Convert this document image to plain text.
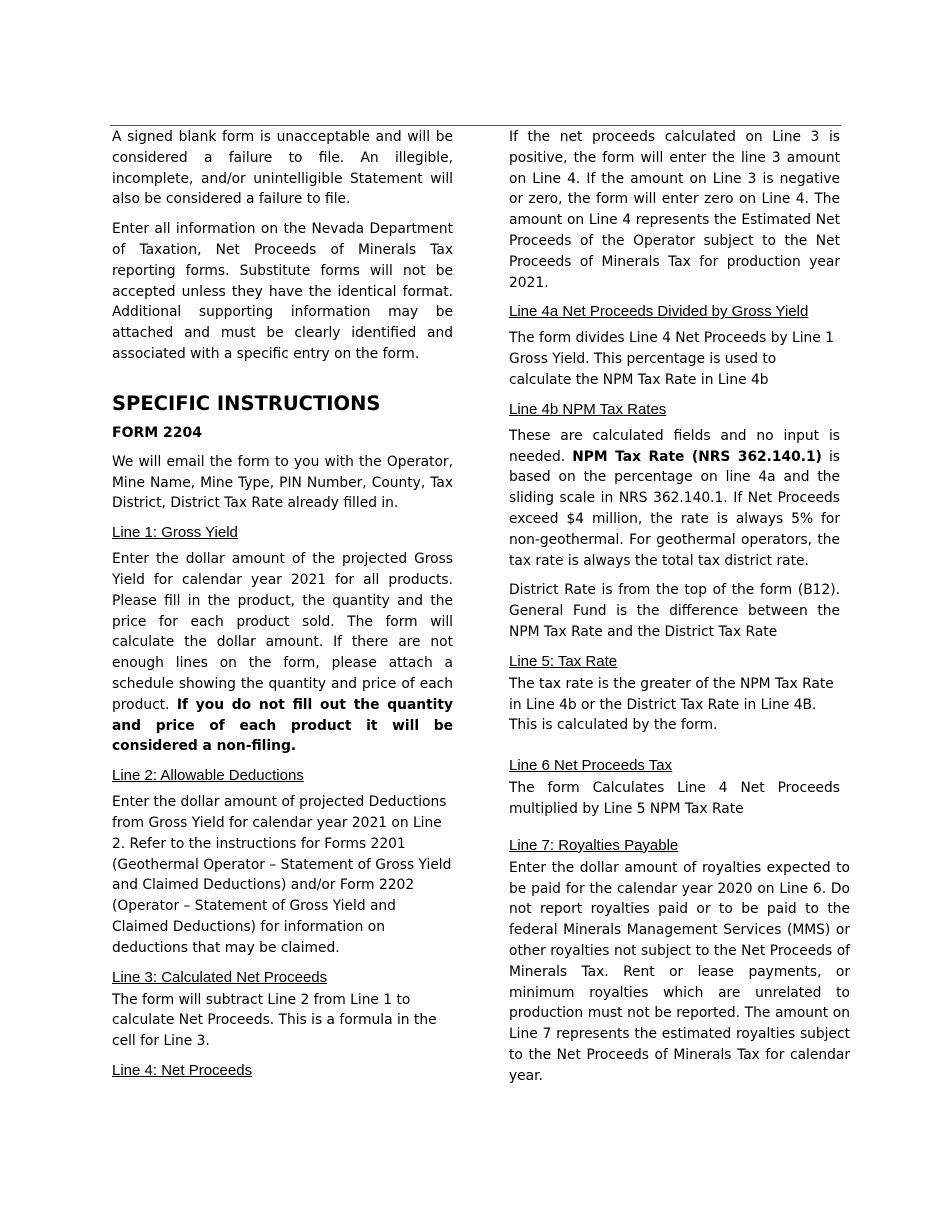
A signed blank form is unacceptable and will be considered a failure to file. An illegible, incomplete, and/or unintelligible Statement will also be considered a failure to file.

Enter all information on the Nevada Department of Taxation, Net Proceeds of Minerals Tax reporting forms. Substitute forms will not be accepted unless they have the identical format. Additional supporting information may be attached and must be clearly identified and associated with a specific entry on the form.

SPECIFIC INSTRUCTIONS
FORM 2204

We will email the form to you with the Operator, Mine Name, Mine Type, PIN Number, County, Tax District, District Tax Rate already filled in.

Line 1: Gross Yield

Enter the dollar amount of the projected Gross Yield for calendar year 2021 for all products. Please fill in the product, the quantity and the price for each product sold. The form will calculate the dollar amount. If there are not enough lines on the form, please attach a schedule showing the quantity and price of each product. If you do not fill out the quantity and price of each product it will be considered a non-filing.

Line 2: Allowable Deductions

Enter the dollar amount of projected Deductions from Gross Yield for calendar year 2021 on Line 2. Refer to the instructions for Forms 2201 (Geothermal Operator – Statement of Gross Yield and Claimed Deductions) and/or Form 2202 (Operator – Statement of Gross Yield and Claimed Deductions) for information on deductions that may be claimed.

Line 3: Calculated Net Proceeds

The form will subtract Line 2 from Line 1 to calculate Net Proceeds. This is a formula in the cell for Line 3.

Line 4: Net Proceeds

If the net proceeds calculated on Line 3 is positive, the form will enter the line 3 amount on Line 4. If the amount on Line 3 is negative or zero, the form will enter zero on Line 4. The amount on Line 4 represents the Estimated Net Proceeds of the Operator subject to the Net Proceeds of Minerals Tax for production year 2021.

Line 4a Net Proceeds Divided by Gross Yield

The form divides Line 4 Net Proceeds by Line 1 Gross Yield. This percentage is used to calculate the NPM Tax Rate in Line 4b

Line 4b NPM Tax Rates

These are calculated fields and no input is needed. NPM Tax Rate (NRS 362.140.1) is based on the percentage on line 4a and the sliding scale in NRS 362.140.1. If Net Proceeds exceed $4 million, the rate is always 5% for non-geothermal. For geothermal operators, the tax rate is always the total tax district rate.

District Rate is from the top of the form (B12). General Fund is the difference between the NPM Tax Rate and the District Tax Rate

Line 5: Tax Rate

The tax rate is the greater of the NPM Tax Rate in Line 4b or the District Tax Rate in Line 4B. This is calculated by the form.

Line 6 Net Proceeds Tax

The form Calculates Line 4 Net Proceeds multiplied by Line 5 NPM Tax Rate

Line 7: Royalties Payable

Enter the dollar amount of royalties expected to be paid for the calendar year 2020 on Line 6. Do not report royalties paid or to be paid to the federal Minerals Management Services (MMS) or other royalties not subject to the Net Proceeds of Minerals Tax. Rent or lease payments, or minimum royalties which are unrelated to production must not be reported. The amount on Line 7 represents the estimated royalties subject to the Net Proceeds of Minerals Tax for calendar year.
